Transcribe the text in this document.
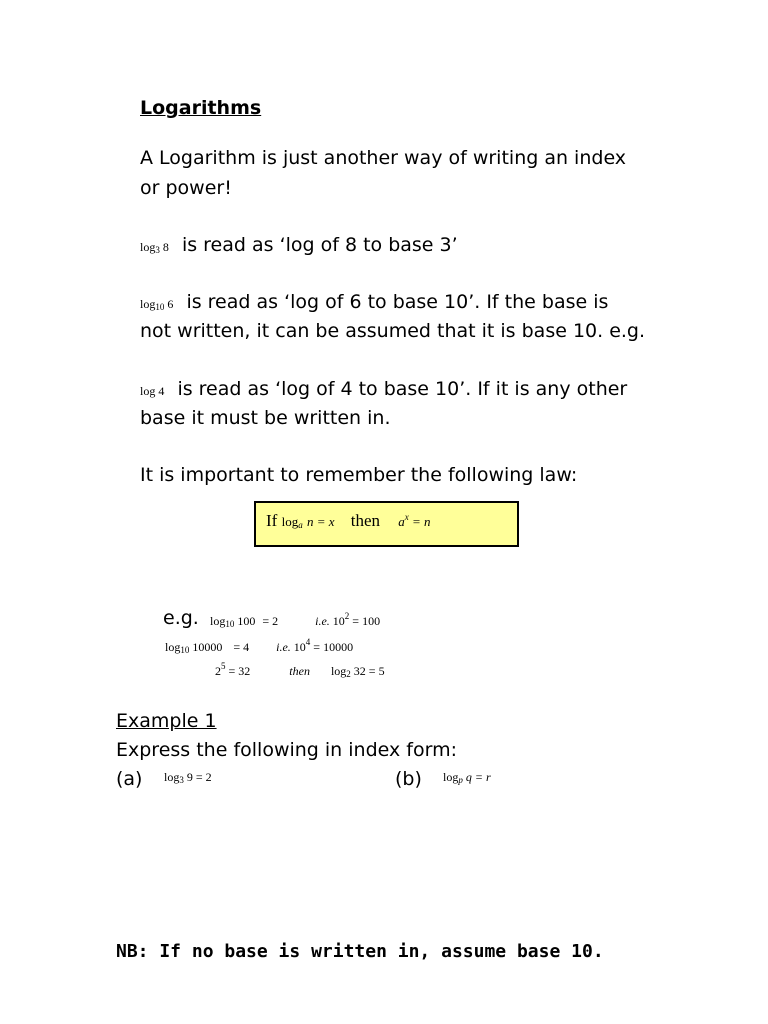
Logarithms
A Logarithm is just another way of writing an index
or power!
$\log_3 8$ is read as ‘log of 8 to base 3’
$\log_{10} 6$ is read as ‘log of 6 to base 10’. If the base is
not written, it can be assumed that it is base 10. e.g.
log 4 is read as ‘log of 4 to base 10’. If it is any other
base it must be written in.
It is important to remember the following law:
If $\log_a n = x$ then $a^x = n$
e.g. $\log_{10} 100 = 2$	i.e. $10^2 = 100$
$\log_{10} 10000 = 4$ i.e. $10^4 = 10000$
$2^5 = 32$	then $\log_2 32 = 5$
Example 1
Express the following in index form:
(a) $\log_3 9 = 2$	(b) $\log_p q = r$
NB: If no base is written in, assume base 10.
